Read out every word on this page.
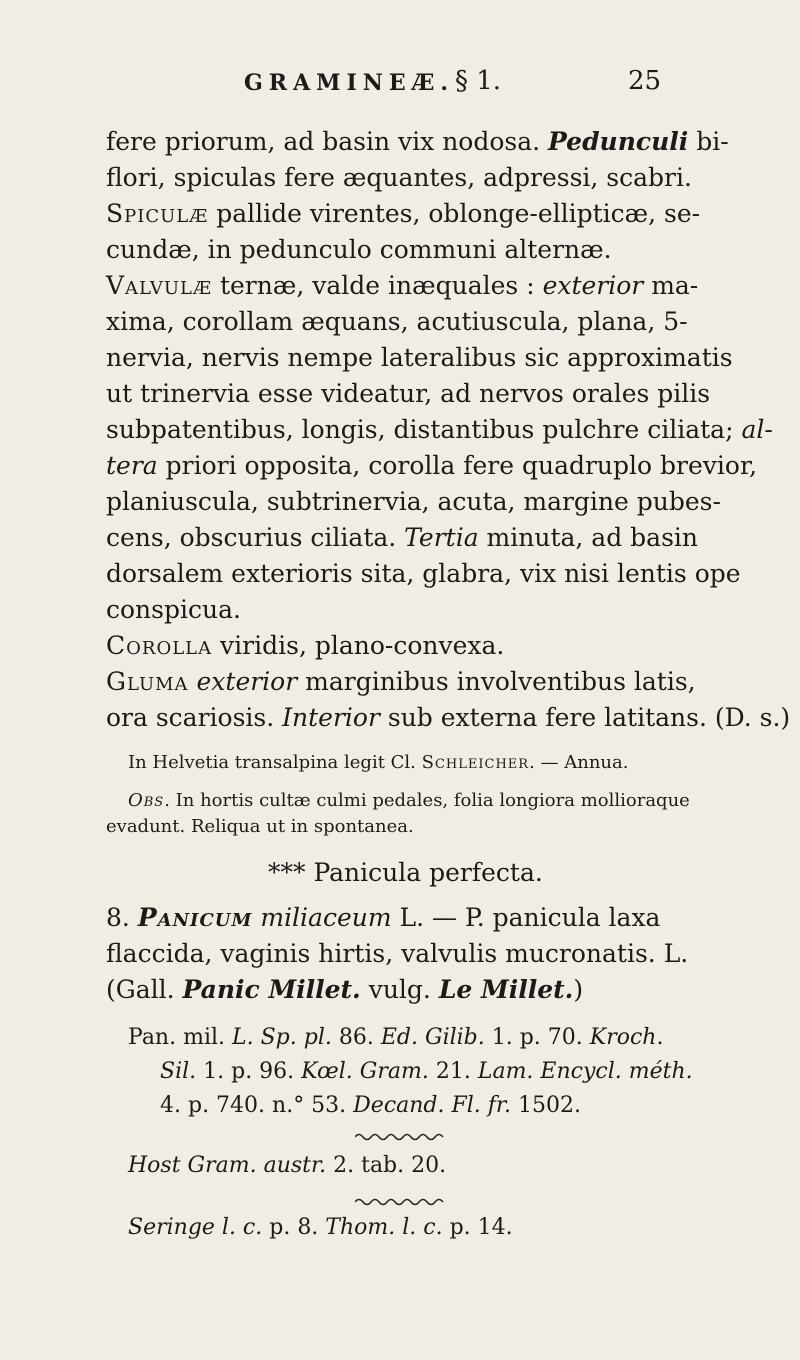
GRAMINEÆ. § 1.	25
fere priorum, ad basin vix nodosa. Pedunculi bi-
flori, spiculas fere æquantes, adpressi, scabri.
Spiculæ pallide virentes, oblonge-ellipticæ, se-
cundæ, in pedunculo communi alternæ.
Valvulæ ternæ, valde inæquales : exterior ma-
xima, corollam æquans, acutiuscula, plana, 5-
nervia, nervis nempe lateralibus sic approximatis
ut trinervia esse videatur, ad nervos orales pilis
subpatentibus, longis, distantibus pulchre ciliata; al-
tera priori opposita, corolla fere quadruplo brevior,
planiuscula, subtrinervia, acuta, margine pubes-
cens, obscurius ciliata. Tertia minuta, ad basin
dorsalem exterioris sita, glabra, vix nisi lentis ope
conspicua.
Corolla viridis, plano-convexa.
Gluma exterior marginibus involventibus latis,
ora scariosis. Interior sub externa fere latitans. (D. s.)
In Helvetia transalpina legit Cl. Schleicher. — Annua.
Obs. In hortis cultæ culmi pedales, folia longiora mollioraque
evadunt. Reliqua ut in spontanea.
*** Panicula perfecta.
8. Panicum miliaceum L. — P. panicula laxa
flaccida, vaginis hirtis, valvulis mucronatis. L.
(Gall. Panic Millet. vulg. Le Millet.)
Pan. mil. L. Sp. pl. 86. Ed. Gilib. 1. p. 70. Kroch.
Sil. 1. p. 96. Kœl. Gram. 21. Lam. Encycl. méth.
4. p. 740. n.° 53. Decand. Fl. fr. 1502.
Host Gram. austr. 2. tab. 20.
Seringe l. c. p. 8. Thom. l. c. p. 14.
